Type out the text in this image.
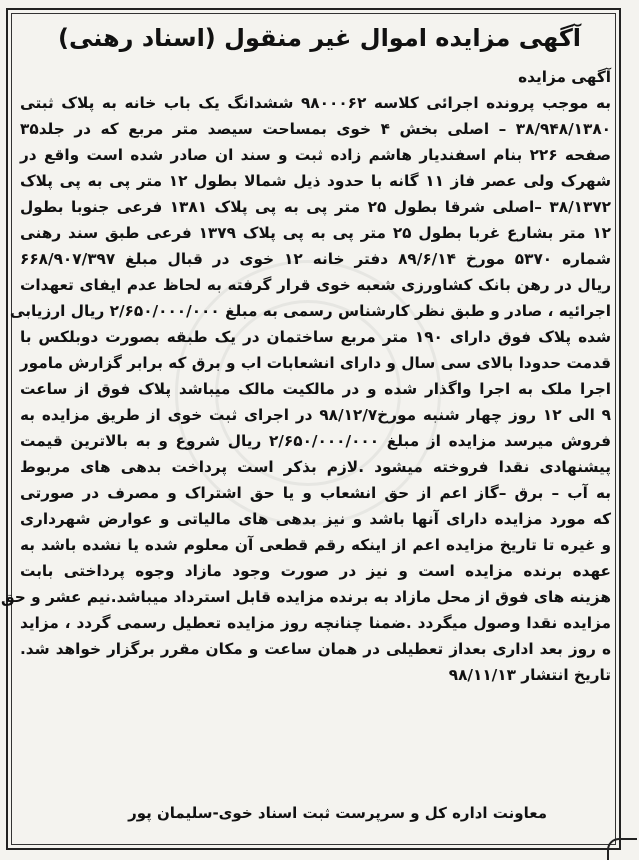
آگهی مزایده اموال غیر منقول (اسناد رهنی)
آگهی مزایده
به موجب پرونده اجرائی کلاسه ۹۸۰۰۰۶۲ ششدانگ یک باب خانه به پلاک ثبتی
۳۸/۹۴۸/۱۳۸۰ – اصلی بخش ۴ خوی بمساحت سیصد متر مربع که در جلد۳۵
صفحه ۲۲۶ بنام اسفندیار هاشم زاده ثبت و سند ان صادر شده است واقع در
شهرک ولی عصر فاز ۱۱ گانه با حدود ذیل شمالا بطول ۱۲ متر پی به پی پلاک
۳۸/۱۳۷۲ –اصلی شرقا بطول ۲۵ متر پی به پی پلاک ۱۳۸۱ فرعی جنوبا بطول
۱۲ متر بشارع غربا بطول ۲۵ متر پی به پی پلاک ۱۳۷۹ فرعی طبق سند رهنی
شماره ۵۳۷۰ مورخ ۸۹/۶/۱۴ دفتر خانه ۱۲ خوی در قبال مبلغ ۶۶۸/۹۰۷/۳۹۷
ریال در رهن بانک کشاورزی شعبه خوی قرار گرفته به لحاظ عدم ایفای تعهدات
اجرائیه ، صادر و طبق نظر کارشناس رسمی به مبلغ ۲/۶۵۰/۰۰۰/۰۰۰ ریال ارزیابی
شده پلاک فوق دارای ۱۹۰ متر مربع ساختمان در یک طبقه بصورت دوبلکس با
قدمت حدودا بالای سی سال و دارای انشعابات اب و برق که برابر گزارش مامور
اجرا ملک به اجرا واگذار شده و در مالکیت مالک میباشد پلاک فوق از ساعت
۹ الی ۱۲ روز چهار شنبه مورخ۹۸/۱۲/۷ در اجرای ثبت خوی از طریق مزایده به
فروش میرسد مزایده از مبلغ ۲/۶۵۰/۰۰۰/۰۰۰ ریال شروع و به بالاترین قیمت
پیشنهادی نقدا فروخته میشود .لازم بذکر است پرداخت بدهی های مربوط
به آب – برق –گاز اعم از حق انشعاب و یا حق اشتراک و مصرف در صورتی
که مورد مزایده دارای آنها باشد و نیز بدهی های مالیاتی و عوارض شهرداری
و غیره تا تاریخ مزایده اعم از اینکه رقم قطعی آن معلوم شده یا نشده باشد به
عهده برنده مزایده است و نیز در صورت وجود مازاد وجوه پرداختی بابت
هزینه های فوق از محل مازاد به برنده مزایده قابل استرداد میباشد.نیم عشر و حق
مزایده نقدا وصول میگردد .ضمنا چنانچه روز مزایده تعطیل رسمی گردد ، مزاید
ه روز بعد اداری بعداز تعطیلی در همان ساعت و مکان مقرر برگزار خواهد شد.
تاریخ انتشار ۹۸/۱۱/۱۳
معاونت اداره کل و سرپرست ثبت اسناد خوی-سلیمان پور
